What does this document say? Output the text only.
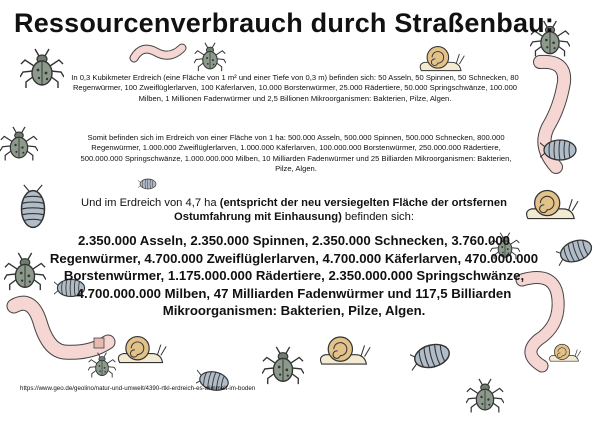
Ressourcenverbrauch durch Straßenbau:

In 0,3 Kubikmeter Erdreich (eine Fläche von 1 m² und einer Tiefe von 0,3 m) befinden sich: 50 Asseln, 50 Spinnen, 50 Schnecken, 80 Regenwürmer, 100 Zweiflüglerlarven, 100 Käferlarven, 10.000 Borstenwürmer, 25.000 Rädertiere, 50.000 Springschwänze, 100.000 Milben, 1 Millionen Fadenwürmer und 2,5 Billionen Mikroorganismen: Bakterien, Pilze, Algen.

Somit befinden sich im Erdreich von einer Fläche von 1 ha: 500.000 Asseln, 500.000 Spinnen, 500.000 Schnecken, 800.000 Regenwürmer, 1.000.000 Zweiflüglerlarven, 1.000.000 Käferlarven, 100.000.000 Borstenwürmer, 250.000.000 Rädertiere, 500.000.000 Springschwänze, 1.000.000.000 Milben, 10 Milliarden Fadenwürmer und 25 Billiarden Mikroorganismen: Bakterien, Pilze, Algen.

Und im Erdreich von 4,7 ha (entspricht der neu versiegelten Fläche der ortsfernen Ostumfahrung mit Einhausung) befinden sich:

2.350.000 Asseln, 2.350.000 Spinnen, 2.350.000 Schnecken, 3.760.000 Regenwürmer, 4.700.000 Zweiflüglerlarven, 4.700.000 Käferlarven, 470.000.000 Borstenwürmer, 1.175.000.000 Rädertiere, 2.350.000.000 Springschwänze, 4.700.000.000 Milben, 47 Milliarden Fadenwürmer und 117,5 Billiarden Mikroorganismen: Bakterien, Pilze, Algen.

https://www.geo.de/geolino/natur-und-umwelt/4390-rtkl-erdreich-es-wimmelt-im-boden
